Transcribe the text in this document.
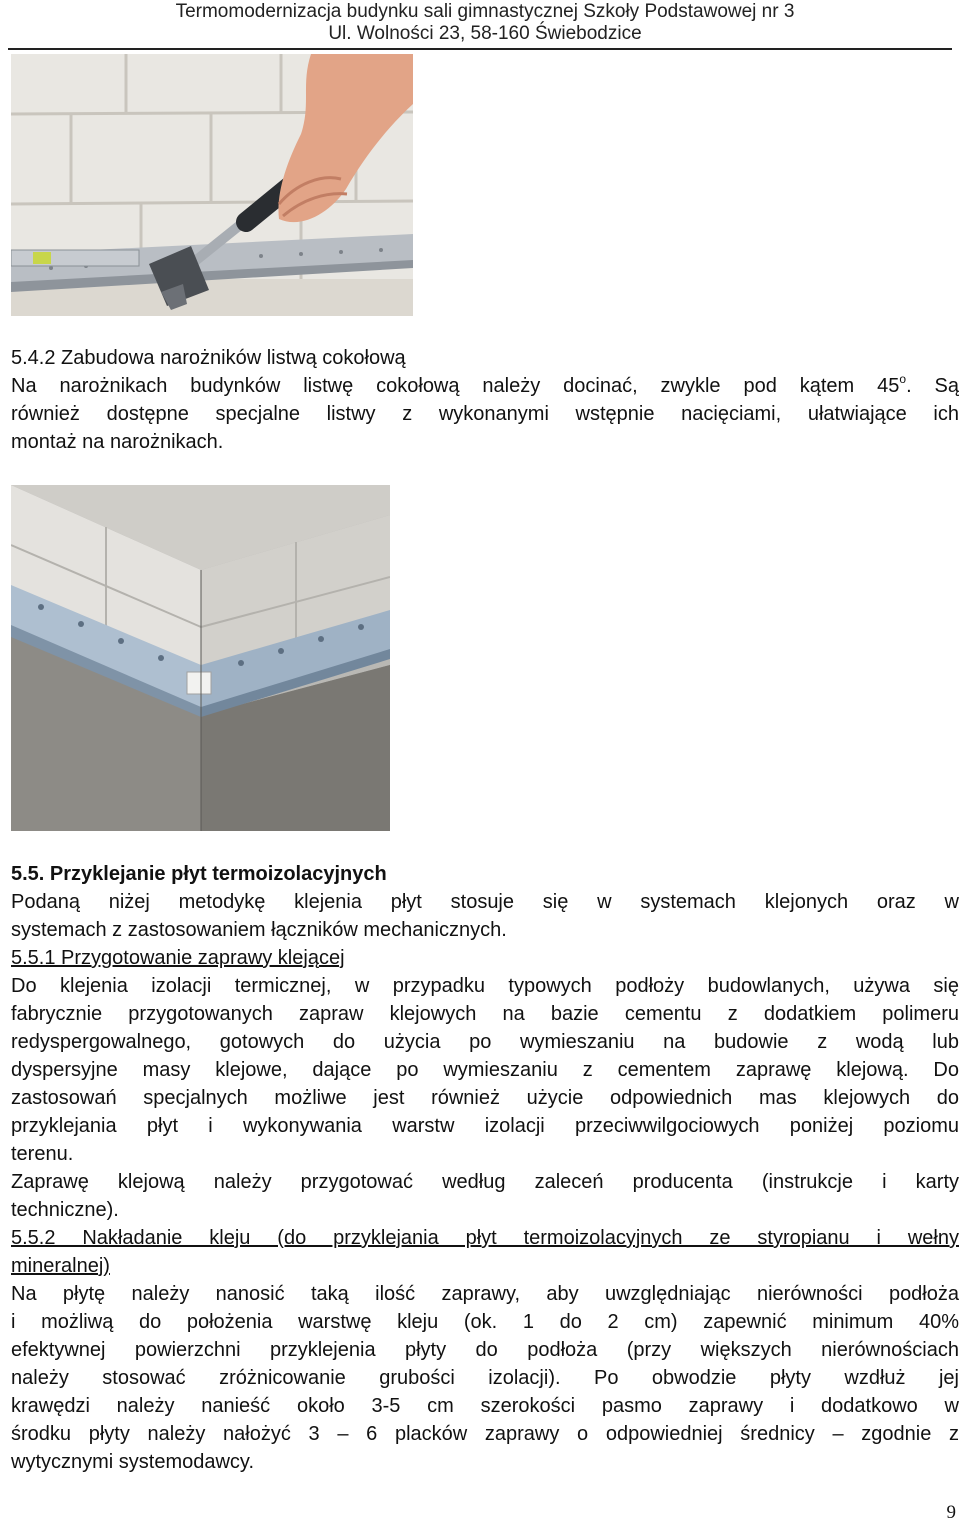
Termomodernizacja budynku sali gimnastycznej Szkoły Podstawowej nr 3
Ul. Wolności 23, 58-160 Świebodzice
5.4.2 Zabudowa narożników listwą cokołową
Na narożnikach budynków listwę cokołową należy docinać, zwykle pod kątem 45$^o$. Są
również dostępne specjalne listwy z wykonanymi wstępnie nacięciami, ułatwiające ich
montaż na narożnikach.
5.5. Przyklejanie płyt termoizolacyjnych
Podaną niżej metodykę klejenia płyt stosuje się w systemach klejonych oraz w
systemach z zastosowaniem łączników mechanicznych.
5.5.1 Przygotowanie zaprawy klejącej
Do klejenia izolacji termicznej, w przypadku typowych podłoży budowlanych, używa się
fabrycznie przygotowanych zapraw klejowych na bazie cementu z dodatkiem polimeru
redyspergowalnego, gotowych do użycia po wymieszaniu na budowie z wodą lub
dyspersyjne masy klejowe, dające po wymieszaniu z cementem zaprawę klejową. Do
zastosowań specjalnych możliwe jest również użycie odpowiednich mas klejowych do
przyklejania płyt i wykonywania warstw izolacji przeciwwilgociowych poniżej poziomu
terenu.
Zaprawę klejową należy przygotować według zaleceń producenta (instrukcje i karty
techniczne).
5.5.2 Nakładanie kleju (do przyklejania płyt termoizolacyjnych ze styropianu i wełny
mineralnej)
Na płytę należy nanosić taką ilość zaprawy, aby uwzględniając nierówności podłoża
i możliwą do położenia warstwę kleju (ok. 1 do 2 cm) zapewnić minimum 40%
efektywnej powierzchni przyklejenia płyty do podłoża (przy większych nierównościach
należy stosować zróżnicowanie grubości izolacji). Po obwodzie płyty wzdłuż jej
krawędzi należy nanieść około 3-5 cm szerokości pasmo zaprawy i dodatkowo w
środku płyty należy nałożyć 3 – 6 placków zaprawy o odpowiedniej średnicy – zgodnie z
wytycznymi systemodawcy.
9
